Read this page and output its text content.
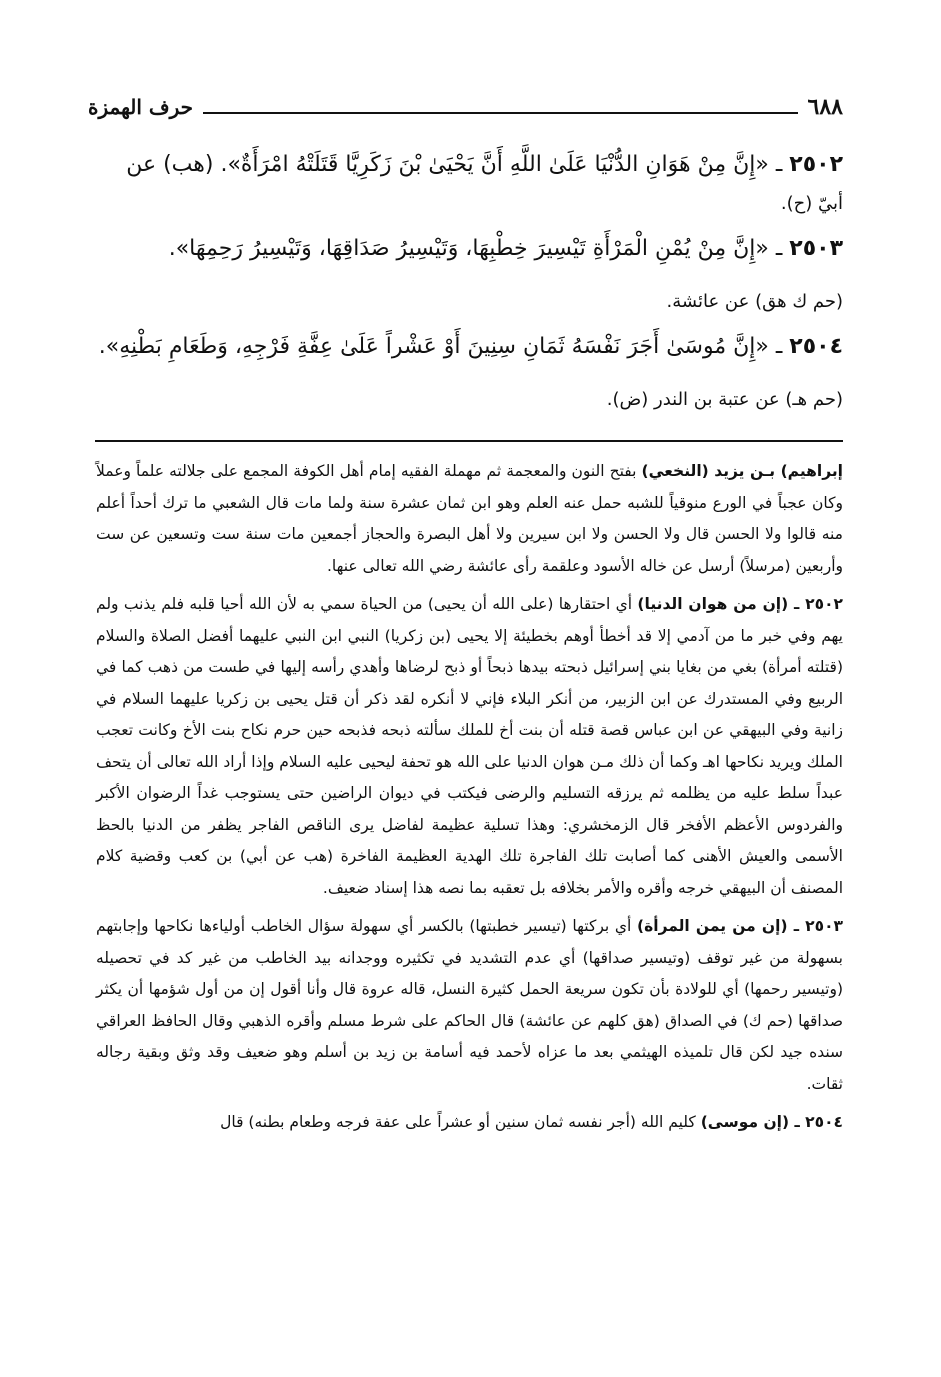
٦٨٨
حرف الهمزة
٢٥٠٢ ـ «إِنَّ مِنْ هَوَانِ الدُّنْيَا عَلَىٰ اللَّهِ أَنَّ يَحْيَىٰ بْنَ زَكَرِيَّا قَتَلَتْهُ امْرَأَةٌ». (هب) عن
أبيّ (ح).
٢٥٠٣ ـ «إِنَّ مِنْ يُمْنِ الْمَرْأَةِ تَيْسِيرَ خِطْبِهَا، وَتَيْسِيرُ صَدَاقِهَا، وَتَيْسِيرُ رَحِمِهَا».
(حم ك هق) عن عائشة.
٢٥٠٤ ـ «إِنَّ مُوسَىٰ أَجَرَ نَفْسَهُ ثَمَانِ سِنِينَ أَوْ عَشْراً عَلَىٰ عِفَّةِ فَرْجِهِ، وَطَعَامِ بَطْنِهِ».
(حم هـ) عن عتبة بن الندر (ض).

إبراهيم) بـن يزيد (النخعي) بفتح النون والمعجمة ثم مهملة الفقيه إمام أهل الكوفة المجمع على جلالته علماً وعملاً وكان عجباً في الورع منوقياً للشبه حمل عنه العلم وهو ابن ثمان عشرة سنة ولما مات قال الشعبي ما ترك أحداً أعلم منه قالوا ولا الحسن قال ولا الحسن ولا ابن سيرين ولا أهل البصرة والحجاز أجمعين مات سنة ست وتسعين عن ست وأربعين (مرسلاً) أرسل عن خاله الأسود وعلقمة رأى عائشة رضي الله تعالى عنها.

٢٥٠٢ ـ (إن من هوان الدنيا) أي احتقارها (على الله أن يحيى) من الحياة سمي به لأن الله أحيا قلبه فلم يذنب ولم يهم وفي خبر ما من آدمي إلا قد أخطأ أوهم بخطيئة إلا يحيى (بن زكريا) النبي ابن النبي عليهما أفضل الصلاة والسلام (قتلته أمرأة) بغي من بغايا بني إسرائيل ذبحته بيدها ذبحاً أو ذبح لرضاها وأهدي رأسه إليها في طست من ذهب كما في الربيع وفي المستدرك عن ابن الزبير، من أنكر البلاء فإني لا أنكره لقد ذكر أن قتل يحيى بن زكريا عليهما السلام في زانية وفي البيهقي عن ابن عباس قصة قتله أن بنت أخ للملك سألته ذبحه فذبحه حين حرم نكاح بنت الأخ وكانت تعجب الملك ويريد نكاحها اهـ وكما أن ذلك مـن هوان الدنيا على الله هو تحفة ليحيى عليه السلام وإذا أراد الله تعالى أن يتحف عبداً سلط عليه من يظلمه ثم يرزقه التسليم والرضى فيكتب في ديوان الراضين حتى يستوجب غداً الرضوان الأكبر والفردوس الأعظم الأفخر قال الزمخشري: وهذا تسلية عظيمة لفاضل يرى الناقص الفاجر يظفر من الدنيا بالحظ الأسمى والعيش الأهنى كما أصابت تلك الفاجرة تلك الهدية العظيمة الفاخرة (هب عن أبي) بن كعب وقضية كلام المصنف أن البيهقي خرجه وأقره والأمر بخلافه بل تعقبه بما نصه هذا إسناد ضعيف.

٢٥٠٣ ـ (إن من يمن المرأة) أي بركتها (تيسير خطبتها) بالكسر أي سهولة سؤال الخاطب أولياءها نكاحها وإجابتهم بسهولة من غير توقف (وتيسير صداقها) أي عدم التشديد في تكثيره ووجدانه بيد الخاطب من غير كد في تحصيله (وتيسير رحمها) أي للولادة بأن تكون سريعة الحمل كثيرة النسل، قاله عروة قال وأنا أقول إن من أول شؤمها أن يكثر صداقها (حم ك) في الصداق (هق كلهم عن عائشة) قال الحاكم على شرط مسلم وأقره الذهبي وقال الحافظ العراقي سنده جيد لكن قال تلميذه الهيثمي بعد ما عزاه لأحمد فيه أسامة بن زيد بن أسلم وهو ضعيف وقد وثق وبقية رجاله ثقات.

٢٥٠٤ ـ (إن موسى) كليم الله (أجر نفسه ثمان سنين أو عشراً على عفة فرجه وطعام بطنه) قال
